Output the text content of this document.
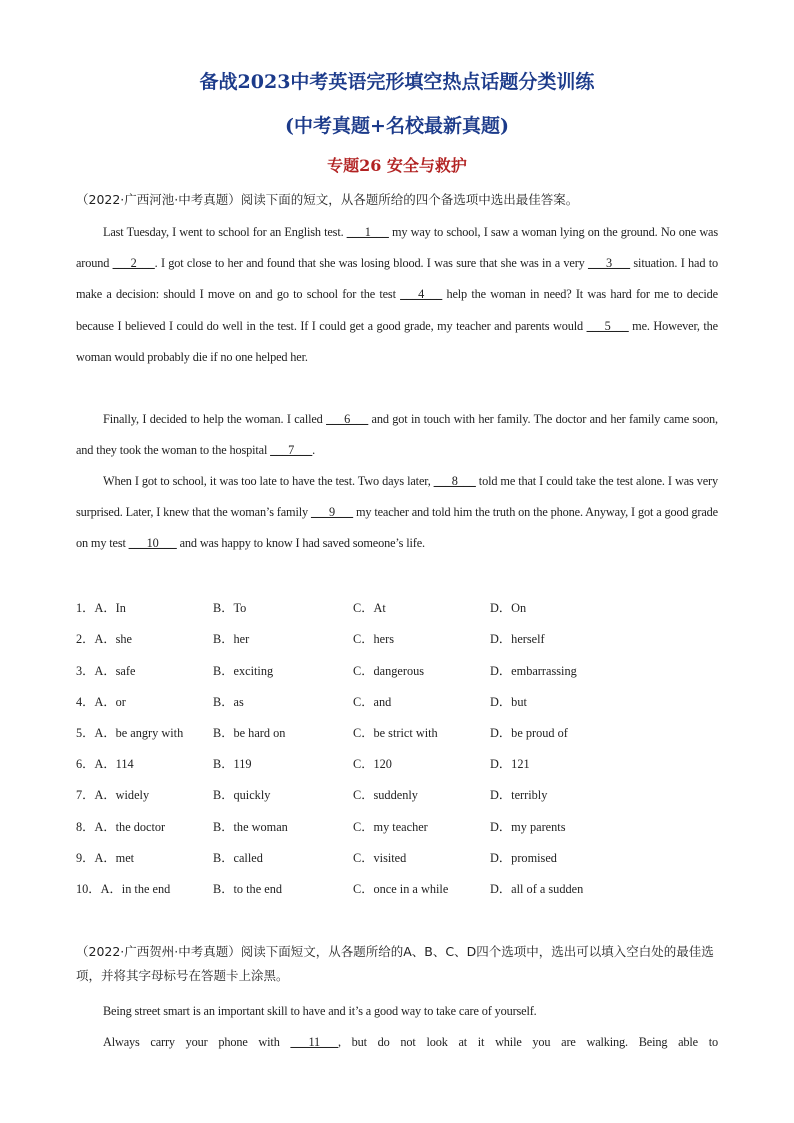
备战2023中考英语完形填空热点话题分类训练
(中考真题+名校最新真题)
专题26 安全与救护
（2022·广西河池·中考真题）阅读下面的短文，从各题所给的四个备选项中选出最佳答案。
Last Tuesday, I went to school for an English test. ___1___ my way to school, I saw a woman lying on the ground. No one was around ___2___. I got close to her and found that she was losing blood. I was sure that she was in a very ___3___ situation. I had to make a decision: should I move on and go to school for the test ___4___ help the woman in need? It was hard for me to decide because I believed I could do well in the test. If I could get a good grade, my teacher and parents would ___5___ me. However, the woman would probably die if no one helped her.
Finally, I decided to help the woman. I called ___6___ and got in touch with her family. The doctor and her family came soon, and they took the woman to the hospital ___7___.
When I got to school, it was too late to have the test. Two days later, ___8___ told me that I could take the test alone. I was very surprised. Later, I knew that the woman’s family ___9___ my teacher and told him the truth on the phone. Anyway, I got a good grade on my test ___10___ and was happy to know I had saved someone’s life.
1．A．In	B．To	C．At	D．On
2．A．she	B．her	C．hers	D．herself
3．A．safe	B．exciting	C．dangerous	D．embarrassing
4．A．or	B．as	C．and	D．but
5．A．be angry with B．be hard on	C．be strict with	D．be proud of
6．A．114	B．119	C．120	D．121
7．A．widely	B．quickly	C．suddenly	D．terribly
8．A．the doctor	B．the woman	C．my teacher	D．my parents
9．A．met	B．called	C．visited	D．promised
10．A．in the end	B．to the end	C．once in a while	D．all of a sudden
（2022·广西贺州·中考真题）阅读下面短文，从各题所给的A、B、C、D四个选项中，选出可以填入空白处的最佳选项，并将其字母标号在答题卡上涂黑。
Being street smart is an important skill to have and it’s a good way to take care of yourself.
Always carry your phone with ___11___, but do not look at it while you are walking. Being able to
